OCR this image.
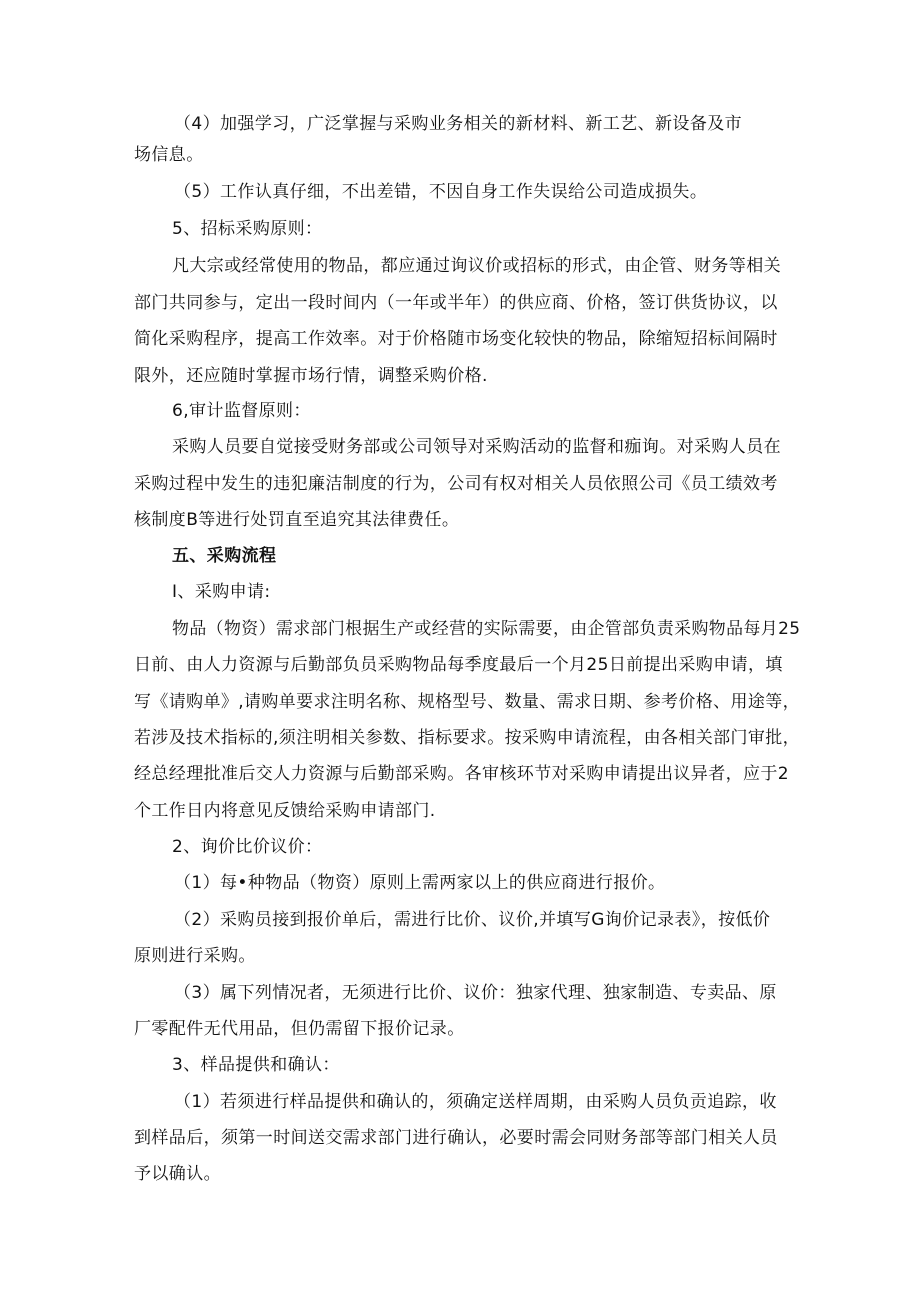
（4）加强学习，广泛掌握与采购业务相关的新材料、新工艺、新设备及市

场信息。

（5）工作认真仔细，不出差错，不因自身工作失误给公司造成损失。

5、招标采购原则：

凡大宗或经常使用的物品，都应通过询议价或招标的形式，由企管、财务等相关

部门共同参与，定出一段时间内（一年或半年）的供应商、价格，签订供货协议，以

简化采购程序，提高工作效率。对于价格随市场变化较快的物品，除缩短招标间隔时

限外，还应随时掌握市场行情，调整采购价格.

6,审计监督原则：

采购人员要自觉接受财务部或公司领导对采购活动的监督和痂询。对采购人员在

采购过程中发生的违犯廉洁制度的行为，公司有权对相关人员依照公司《员工绩效考

核制度B等进行处罚直至追究其法律费任。

五、采购流程

I、采购申请:

物品（物资）需求部门根据生产或经营的实际需要，由企管部负责采购物品每月25

日前、由人力资源与后勤部负员采购物品每季度最后一个月25日前提出采购申请，填

写《请购单》,请购单要求注明名称、规格型号、数量、需求日期、参考价格、用途等，

若涉及技术指标的,须注明相关参数、指标要求。按采购申请流程，由各相关部门审批，

经总经理批准后交人力资源与后勤部采购。各审核环节对采购申请提出议异者，应于2

个工作日内将意见反馈给采购申请部门.

2、询价比价议价：

（1）每•种物品（物资）原则上需两家以上的供应商进行报价。

（2）采购员接到报价单后，需进行比价、议价,并填写G询价记录表》，按低价

原则进行采购。

（3）属下列情况者，无须进行比价、议价：独家代理、独家制造、专卖品、原

厂零配件无代用品，但仍需留下报价记录。

3、样品提供和确认：

（1）若须进行样品提供和确认的，须确定送样周期，由采购人员负贡追踪，收

到样品后，须第一时间送交需求部门进行确认，必要时需会同财务部等部门相关人员

予以确认。
